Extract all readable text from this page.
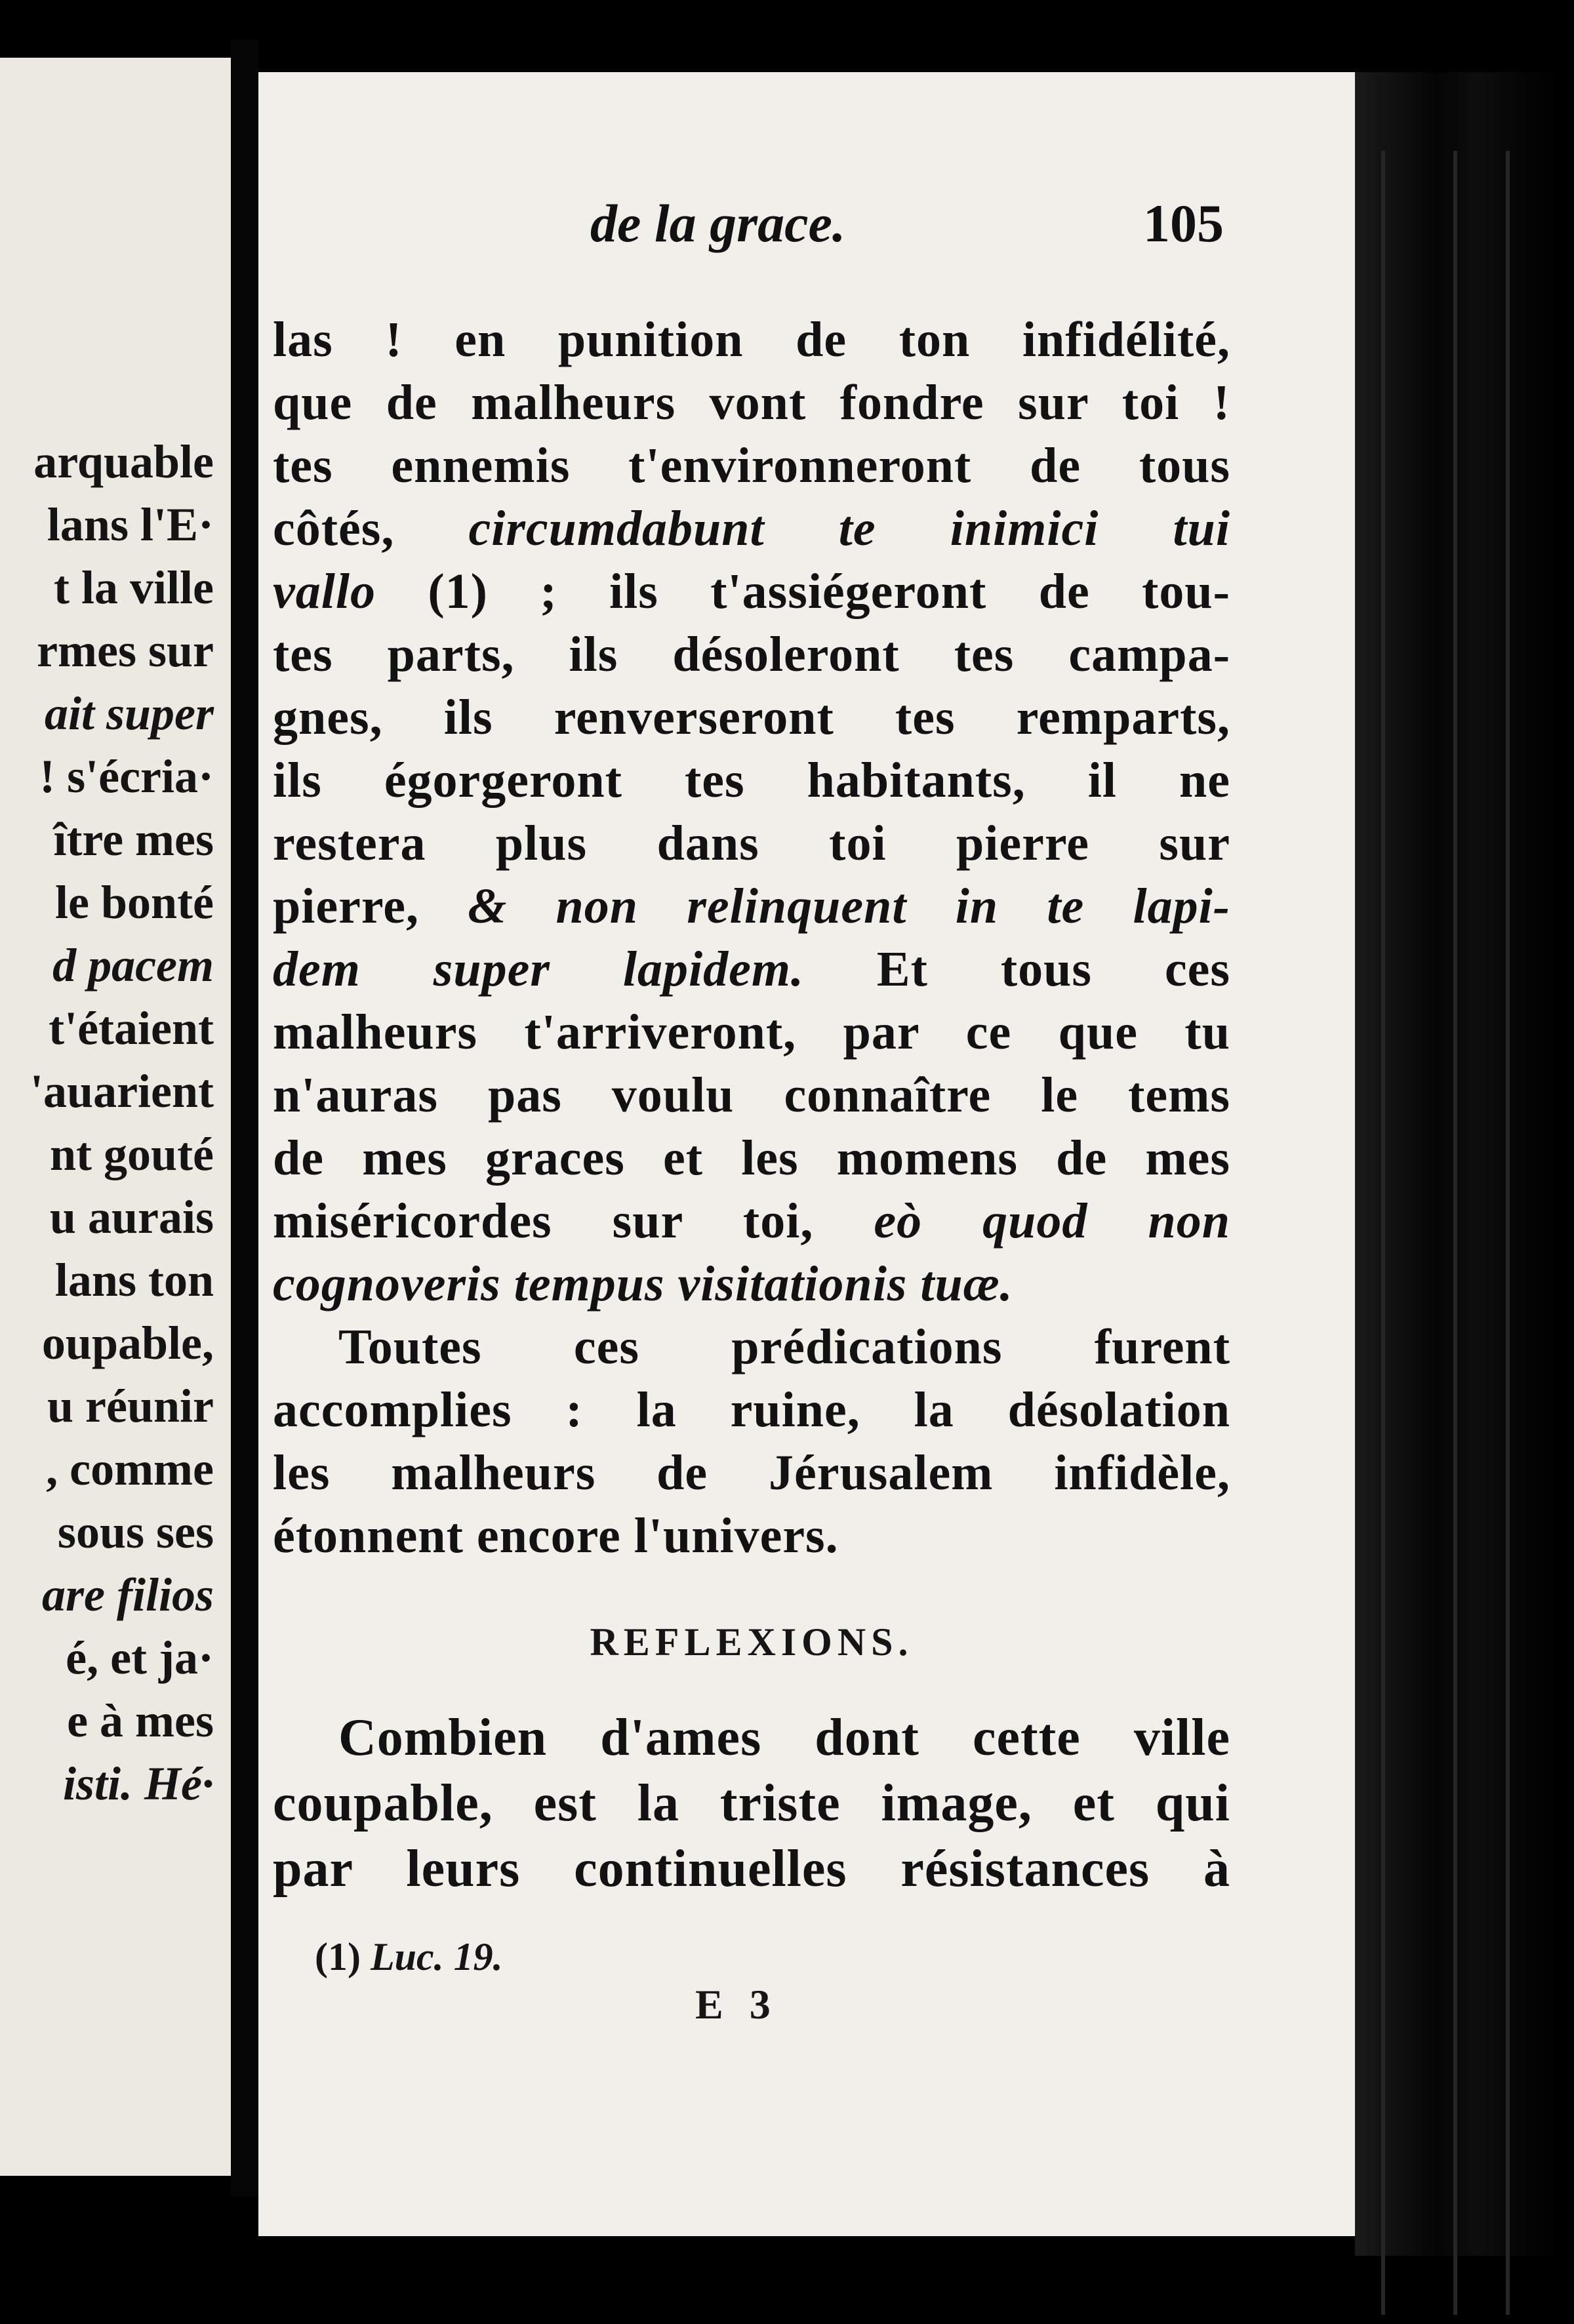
arquable
lans l'E·
t la ville
rmes sur
ait super
! s'écria·
ître mes
le bonté
d pacem
t'étaient
'auarient
nt gouté
u aurais
lans ton
oupable,
u réunir
, comme
sous ses
are filios
é, et ja·
e à mes
isti. Hé·
de la grace.	105
las ! en punition de ton infidélité,
que de malheurs vont fondre sur toi !
tes ennemis t'environneront de tous
côtés, circumdabunt te inimici tui
vallo (1) ; ils t'assiégeront de tou-
tes parts, ils désoleront tes campa-
gnes, ils renverseront tes remparts,
ils égorgeront tes habitants, il ne
restera plus dans toi pierre sur
pierre, & non relinquent in te lapi-
dem super lapidem. Et tous ces
malheurs t'arriveront, par ce que tu
n'auras pas voulu connaître le tems
de mes graces et les momens de mes
miséricordes sur toi, eò quod non
cognoveris tempus visitationis tuæ.
Toutes ces prédications furent
accomplies : la ruine, la désolation
les malheurs de Jérusalem infidèle,
étonnent encore l'univers.
REFLEXIONS.
Combien d'ames dont cette ville
coupable, est la triste image, et qui
par leurs continuelles résistances à
(1) Luc. 19.
E 3
